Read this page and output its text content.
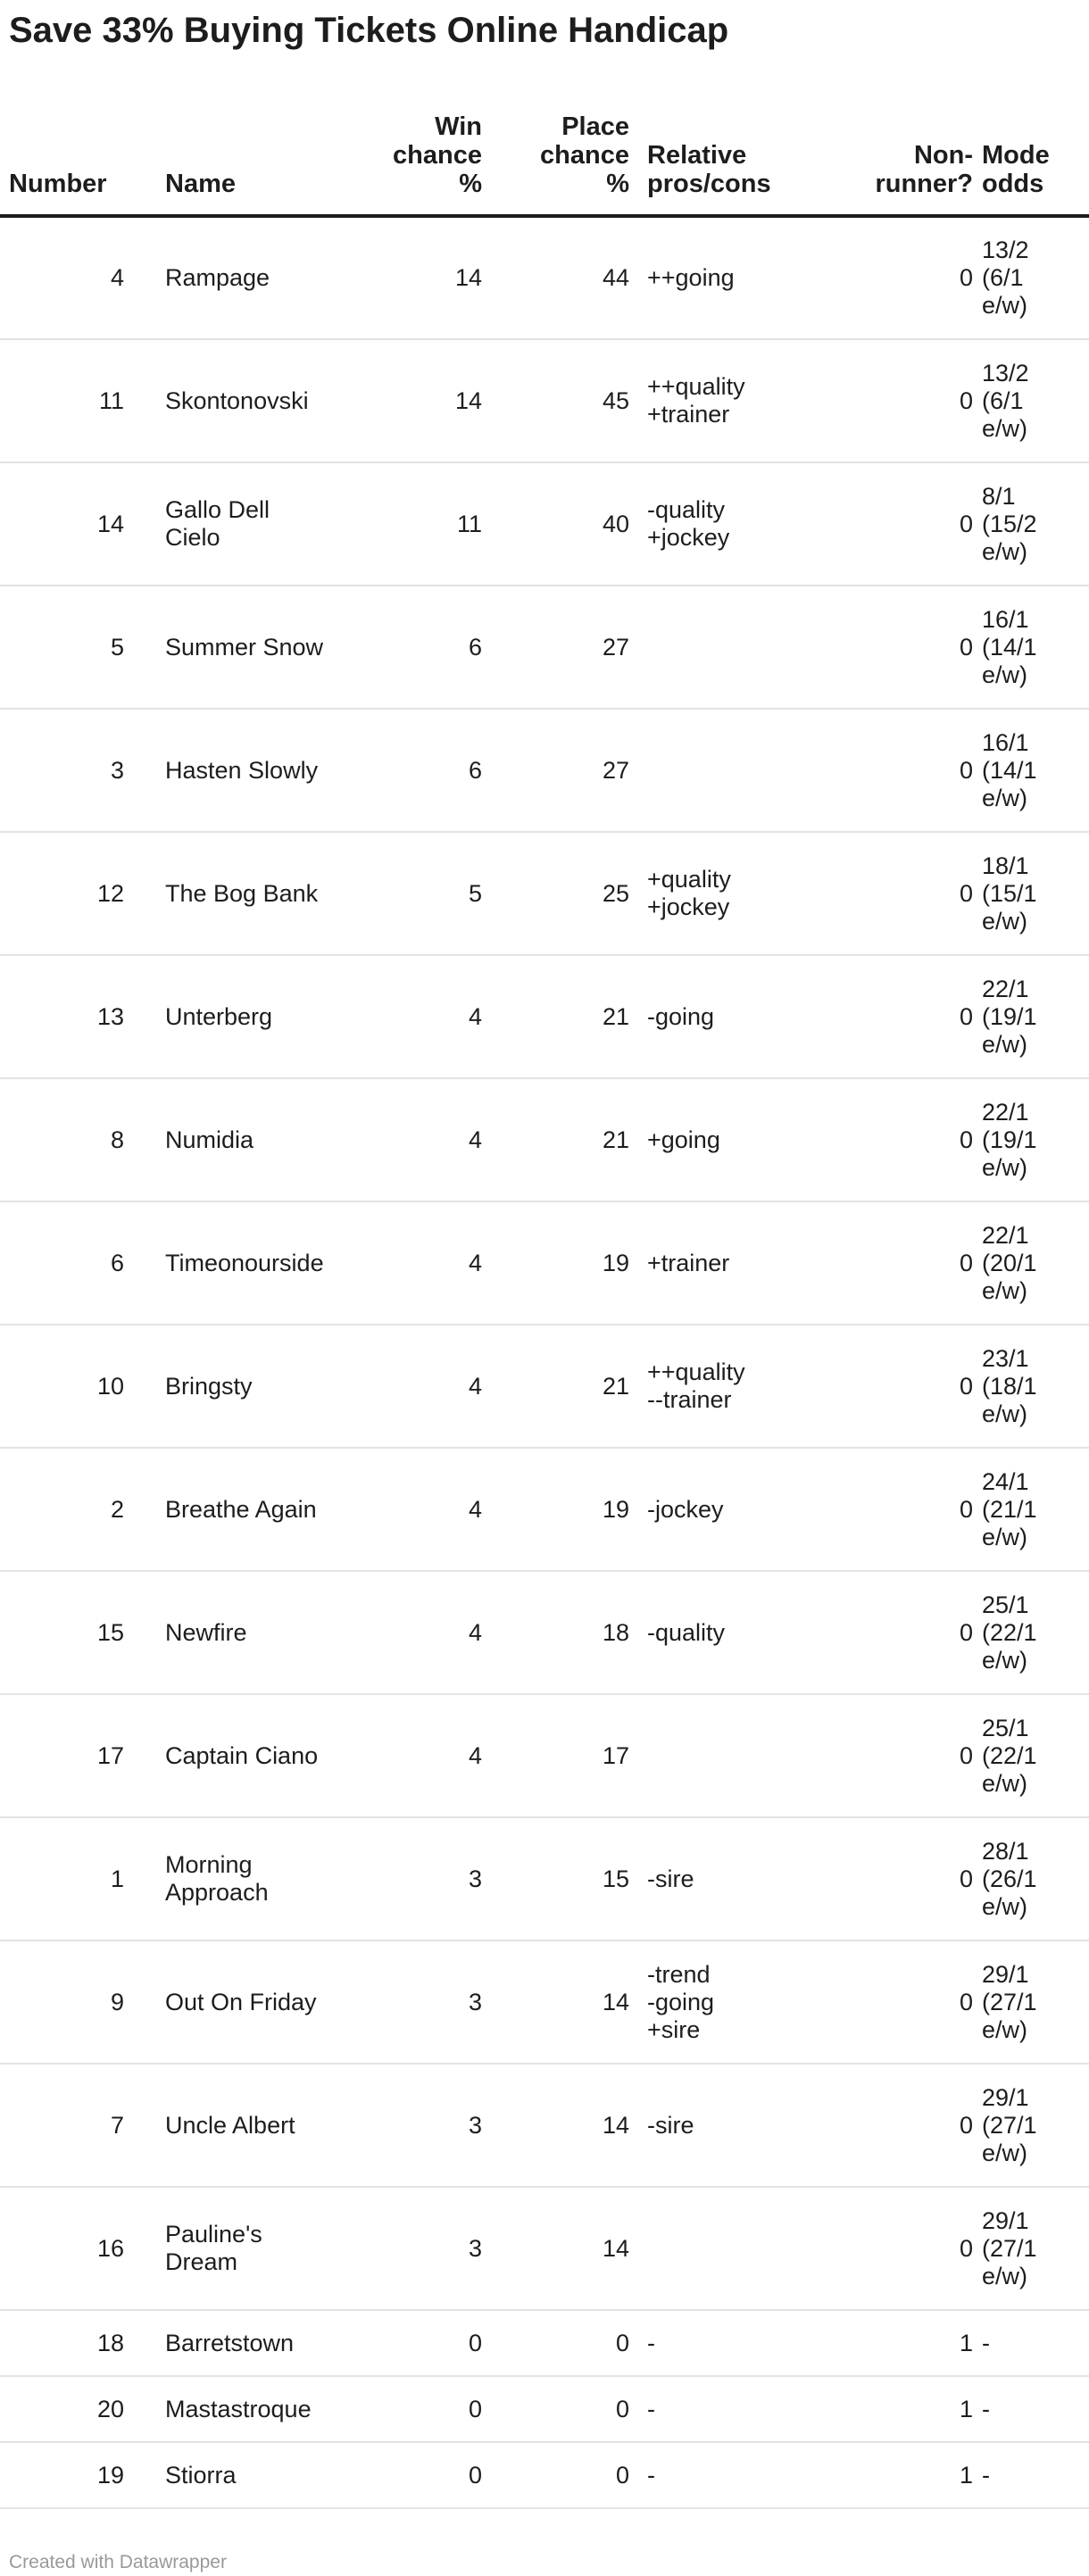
Save 33% Buying Tickets Online Handicap
Number	Name	Win
chance
%	Place
chance
%	Relative
pros/cons	Non-
runner?	Mode
odds
4	Rampage	14	44	++going	0	13/2
(6/1
e/w)
11	Skontonovski	14	45	++quality
+trainer	0	13/2
(6/1
e/w)
14	Gallo Dell
Cielo	11	40	-quality
+jockey	0	8/1
(15/2
e/w)
5	Summer Snow	6	27		0	16/1
(14/1
e/w)
3	Hasten Slowly	6	27		0	16/1
(14/1
e/w)
12	The Bog Bank	5	25	+quality
+jockey	0	18/1
(15/1
e/w)
13	Unterberg	4	21	-going	0	22/1
(19/1
e/w)
8	Numidia	4	21	+going	0	22/1
(19/1
e/w)
6	Timeonourside	4	19	+trainer	0	22/1
(20/1
e/w)
10	Bringsty	4	21	++quality
--trainer	0	23/1
(18/1
e/w)
2	Breathe Again	4	19	-jockey	0	24/1
(21/1
e/w)
15	Newfire	4	18	-quality	0	25/1
(22/1
e/w)
17	Captain Ciano	4	17		0	25/1
(22/1
e/w)
1	Morning
Approach	3	15	-sire	0	28/1
(26/1
e/w)
9	Out On Friday	3	14	-trend
-going
+sire	0	29/1
(27/1
e/w)
7	Uncle Albert	3	14	-sire	0	29/1
(27/1
e/w)
16	Pauline's
Dream	3	14		0	29/1
(27/1
e/w)
18	Barretstown	0	0	-	1	-
20	Mastastroque	0	0	-	1	-
19	Stiorra	0	0	-	1	-
Created with Datawrapper
